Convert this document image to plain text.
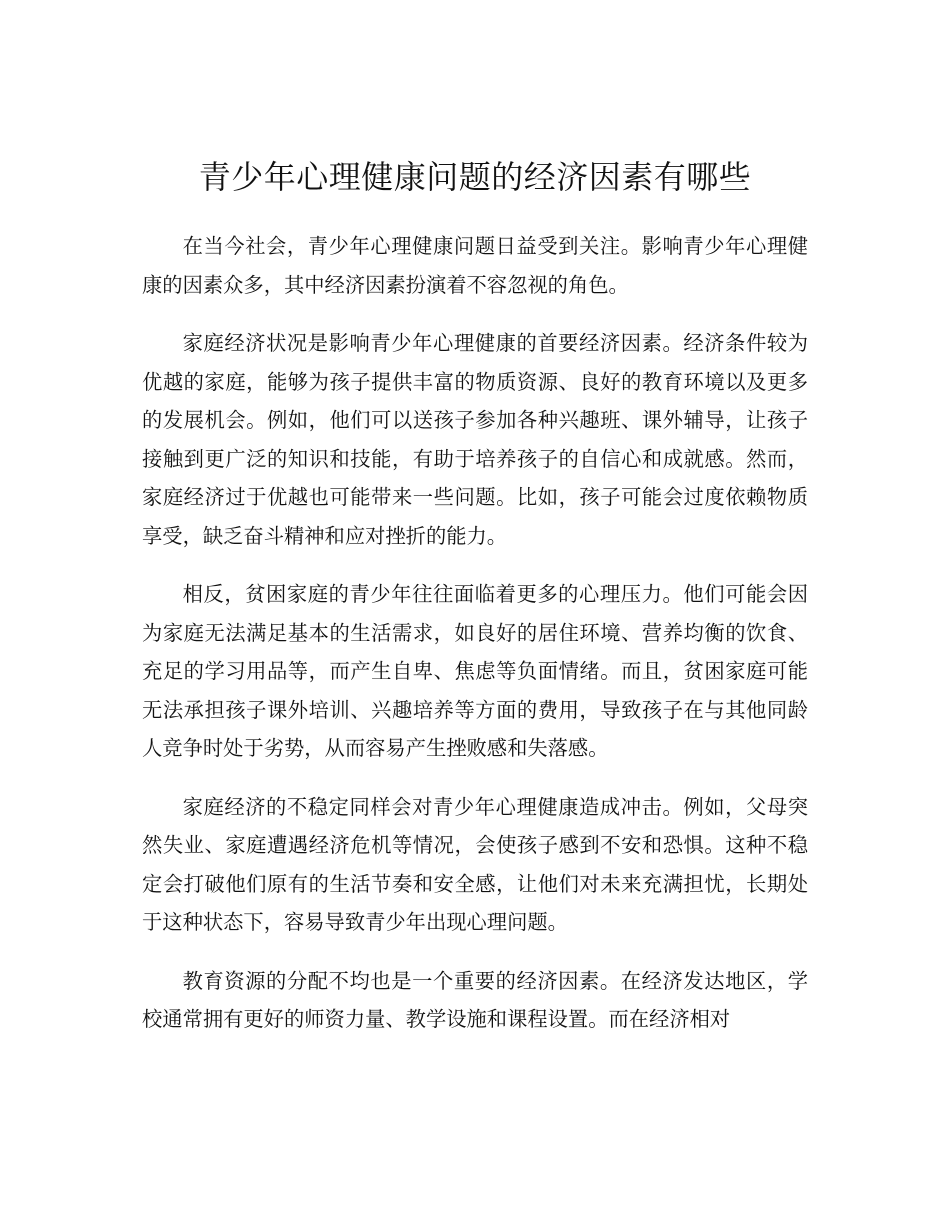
青少年心理健康问题的经济因素有哪些

在当今社会，青少年心理健康问题日益受到关注。影响青少年心理健康的因素众多，其中经济因素扮演着不容忽视的角色。

家庭经济状况是影响青少年心理健康的首要经济因素。经济条件较为优越的家庭，能够为孩子提供丰富的物质资源、良好的教育环境以及更多的发展机会。例如，他们可以送孩子参加各种兴趣班、课外辅导，让孩子接触到更广泛的知识和技能，有助于培养孩子的自信心和成就感。然而，家庭经济过于优越也可能带来一些问题。比如，孩子可能会过度依赖物质享受，缺乏奋斗精神和应对挫折的能力。

相反，贫困家庭的青少年往往面临着更多的心理压力。他们可能会因为家庭无法满足基本的生活需求，如良好的居住环境、营养均衡的饮食、充足的学习用品等，而产生自卑、焦虑等负面情绪。而且，贫困家庭可能无法承担孩子课外培训、兴趣培养等方面的费用，导致孩子在与其他同龄人竞争时处于劣势，从而容易产生挫败感和失落感。

家庭经济的不稳定同样会对青少年心理健康造成冲击。例如，父母突然失业、家庭遭遇经济危机等情况，会使孩子感到不安和恐惧。这种不稳定会打破他们原有的生活节奏和安全感，让他们对未来充满担忧，长期处于这种状态下，容易导致青少年出现心理问题。

教育资源的分配不均也是一个重要的经济因素。在经济发达地区，学校通常拥有更好的师资力量、教学设施和课程设置。而在经济相对
